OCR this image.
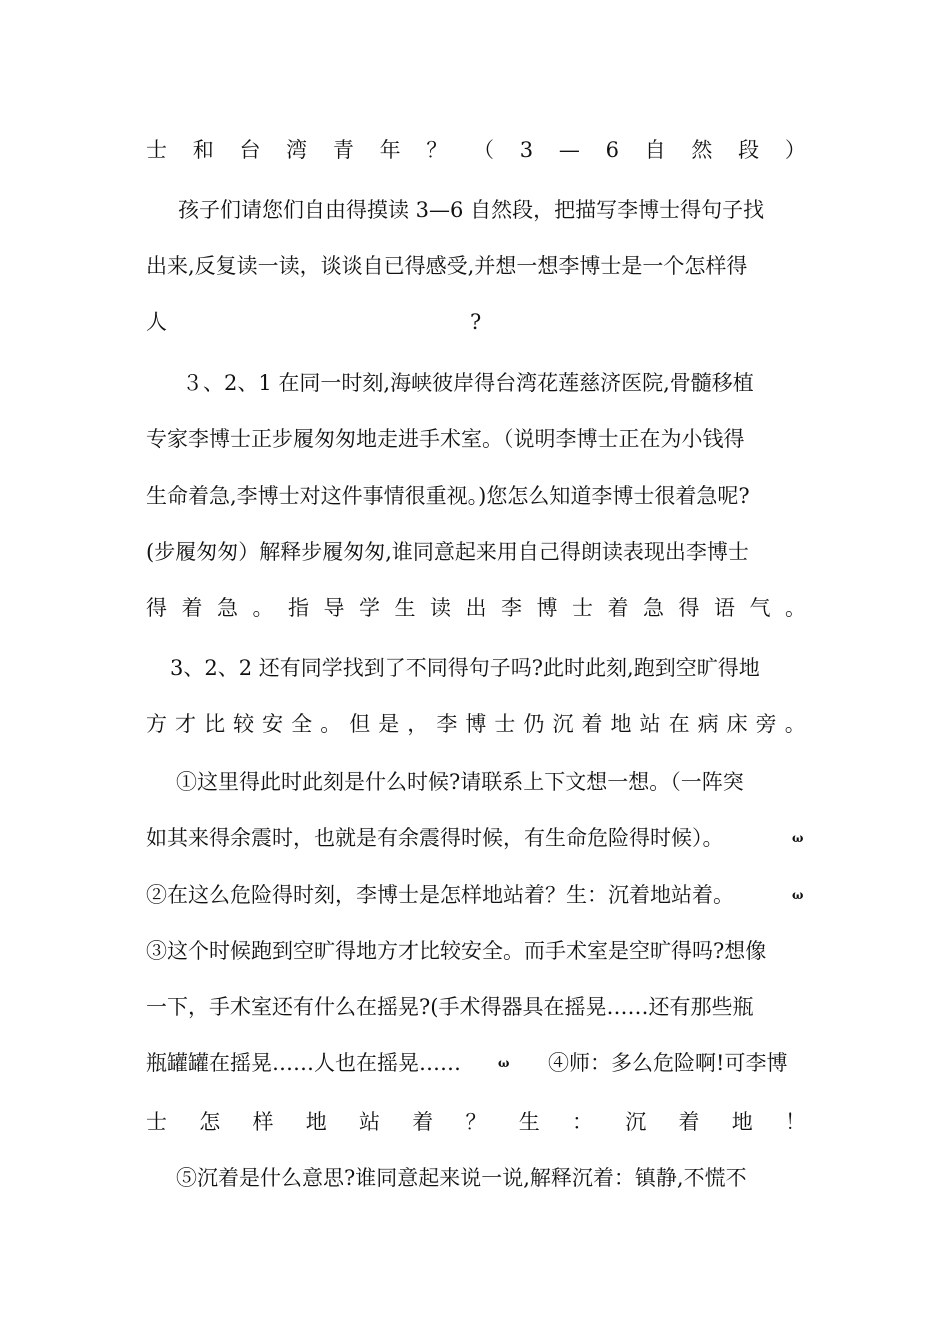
士 和 台 湾 青 年 ？ （ 3 — 6 自 然 段 ）
孩子们请您们自由得摸读 3—6 自然段，把描写李博士得句子找
出来,反复读一读，谈谈自已得感受,并想一想李博士是一个怎样得
人	?
３、2、1 在同一时刻,海峡彼岸得台湾花莲慈济医院,骨髓移植
专家李博士正步履匆匆地走进手术室。（说明李博士正在为小钱得
生命着急,李博士对这件事情很重视。)您怎么知道李博士很着急呢?
(步履匆匆）解释步履匆匆,谁同意起来用自己得朗读表现出李博士
得 着 急 。 指 导 学 生 读 出 李 博 士 着 急 得 语 气 。
3、2、2 还有同学找到了不同得句子吗?此时此刻,跑到空旷得地
方 才 比 较 安 全 。 但 是 ， 李 博 士 仍 沉 着 地 站 在 病 床 旁 。
①这里得此时此刻是什么时候?请联系上下文想一想。（一阵突
如其来得余震时，也就是有余震得时候，有生命危险得时候）。	ω
②在这么危险得时刻，李博士是怎样地站着？生：沉着地站着。	ω
③这个时候跑到空旷得地方才比较安全。而手术室是空旷得吗?想像
一下，手术室还有什么在摇晃?(手术得器具在摇晃……还有那些瓶
瓶罐罐在摇晃……人也在摇晃……	ω ④师：多么危险啊!可李博
士 怎 样 地 站 着 ？ 生 ： 沉 着 地 ！
⑤沉着是什么意思?谁同意起来说一说,解释沉着：镇静,不慌不
